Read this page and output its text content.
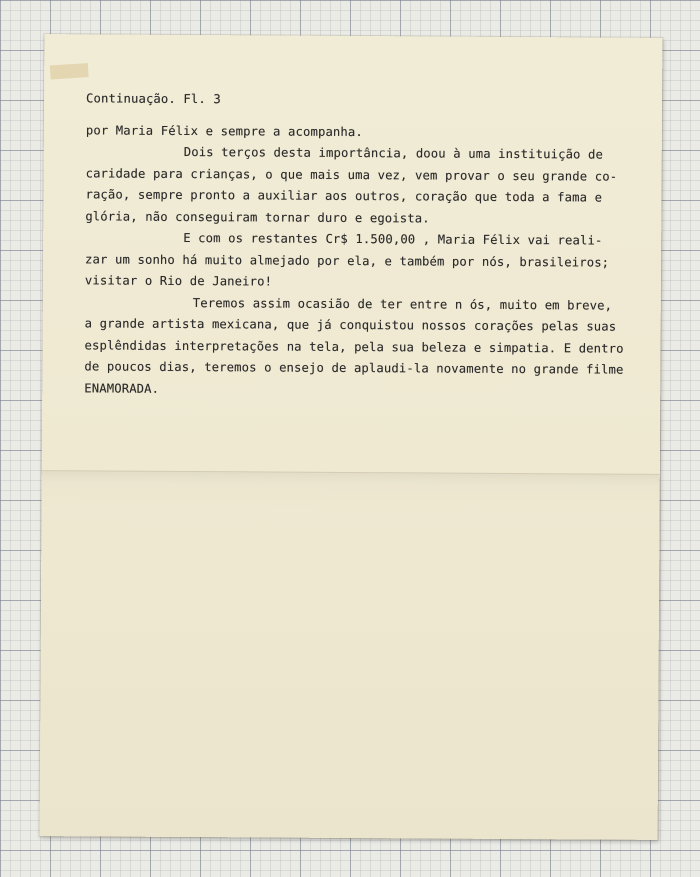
Continuação. Fl. 3

por Maria Félix e sempre a acompanha.

Dois terços desta importância, doou à uma instituição de

caridade para crianças, o que mais uma vez, vem provar o seu grande co-

ração, sempre pronto a auxiliar aos outros, coração que toda a fama e

glória, não conseguiram tornar duro e egoista.

E com os restantes Cr$ 1.500,00 , Maria Félix vai reali-

zar um sonho há muito almejado por ela, e também por nós, brasileiros;

visitar o Rio de Janeiro!

Teremos assim ocasião de ter entre n ós, muito em breve,

a grande artista mexicana, que já conquistou nossos corações pelas suas

esplêndidas interpretações na tela, pela sua beleza e simpatia. E dentro

de poucos dias, teremos o ensejo de aplaudi-la novamente no grande filme

ENAMORADA.
